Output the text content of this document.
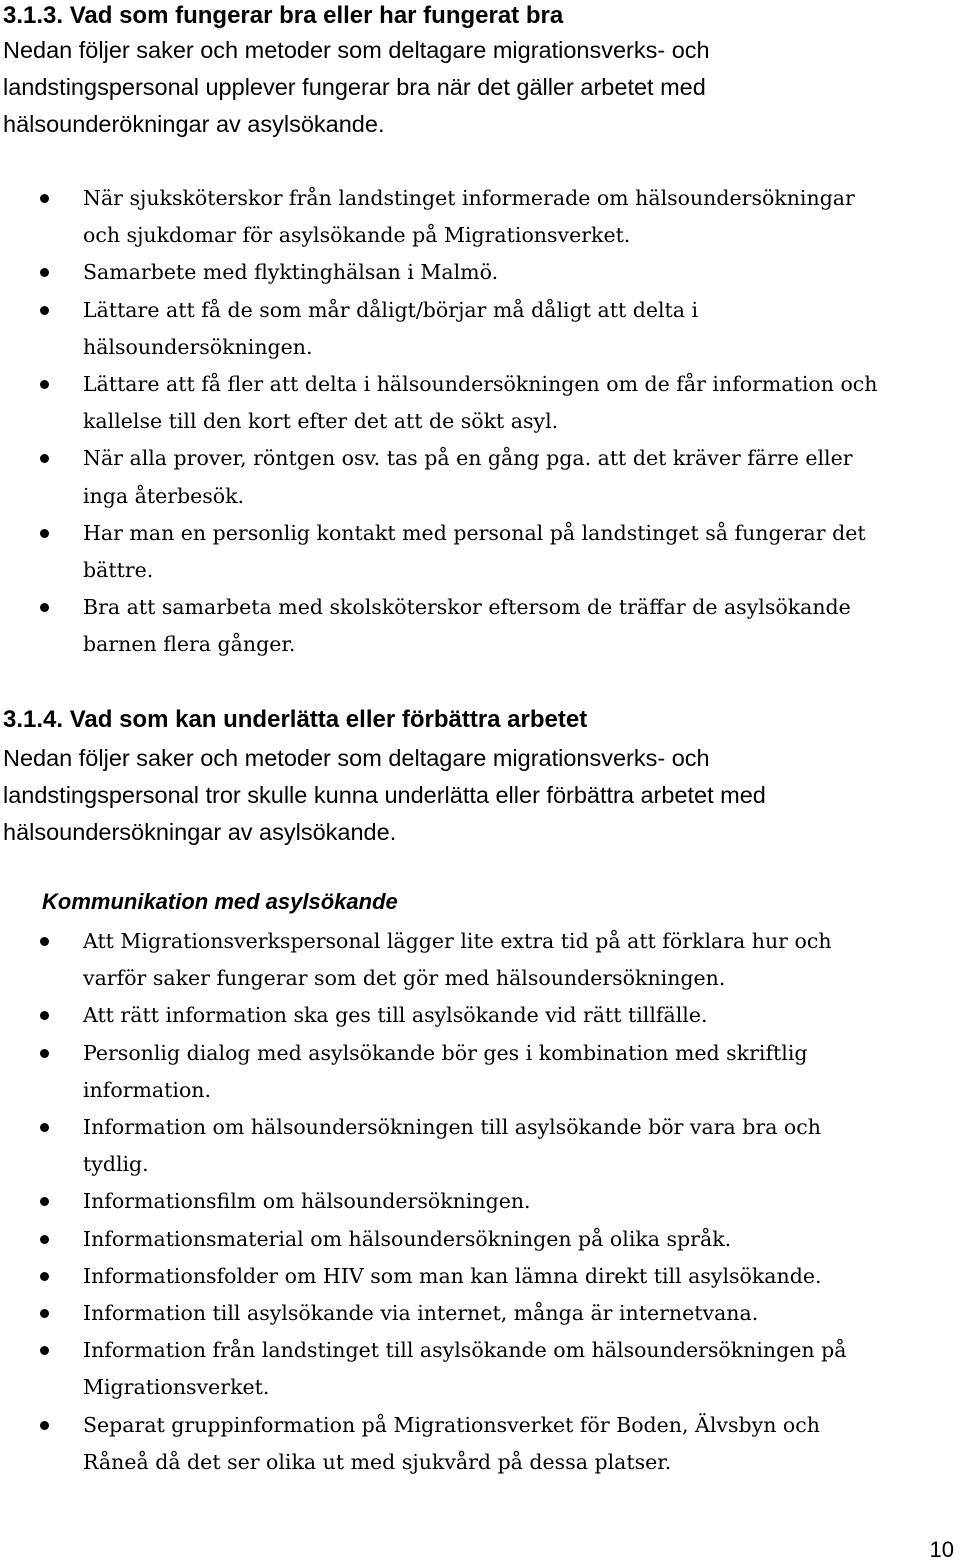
3.1.3. Vad som fungerar bra eller har fungerat bra
Nedan följer saker och metoder som deltagare migrationsverks- och
landstingspersonal upplever fungerar bra när det gäller arbetet med
hälsounderökningar av asylsökande.
När sjuksköterskor från landstinget informerade om hälsoundersökningar
och sjukdomar för asylsökande på Migrationsverket.
Samarbete med flyktinghälsan i Malmö.
Lättare att få de som mår dåligt/börjar må dåligt att delta i
hälsoundersökningen.
Lättare att få fler att delta i hälsoundersökningen om de får information och
kallelse till den kort efter det att de sökt asyl.
När alla prover, röntgen osv. tas på en gång pga. att det kräver färre eller
inga återbesök.
Har man en personlig kontakt med personal på landstinget så fungerar det
bättre.
Bra att samarbeta med skolsköterskor eftersom de träffar de asylsökande
barnen flera gånger.
3.1.4. Vad som kan underlätta eller förbättra arbetet
Nedan följer saker och metoder som deltagare migrationsverks- och
landstingspersonal tror skulle kunna underlätta eller förbättra arbetet med
hälsoundersökningar av asylsökande.
Kommunikation med asylsökande
Att Migrationsverkspersonal lägger lite extra tid på att förklara hur och
varför saker fungerar som det gör med hälsoundersökningen.
Att rätt information ska ges till asylsökande vid rätt tillfälle.
Personlig dialog med asylsökande bör ges i kombination med skriftlig
information.
Information om hälsoundersökningen till asylsökande bör vara bra och
tydlig.
Informationsfilm om hälsoundersökningen.
Informationsmaterial om hälsoundersökningen på olika språk.
Informationsfolder om HIV som man kan lämna direkt till asylsökande.
Information till asylsökande via internet, många är internetvana.
Information från landstinget till asylsökande om hälsoundersökningen på
Migrationsverket.
Separat gruppinformation på Migrationsverket för Boden, Älvsbyn och
Råneå då det ser olika ut med sjukvård på dessa platser.
10
